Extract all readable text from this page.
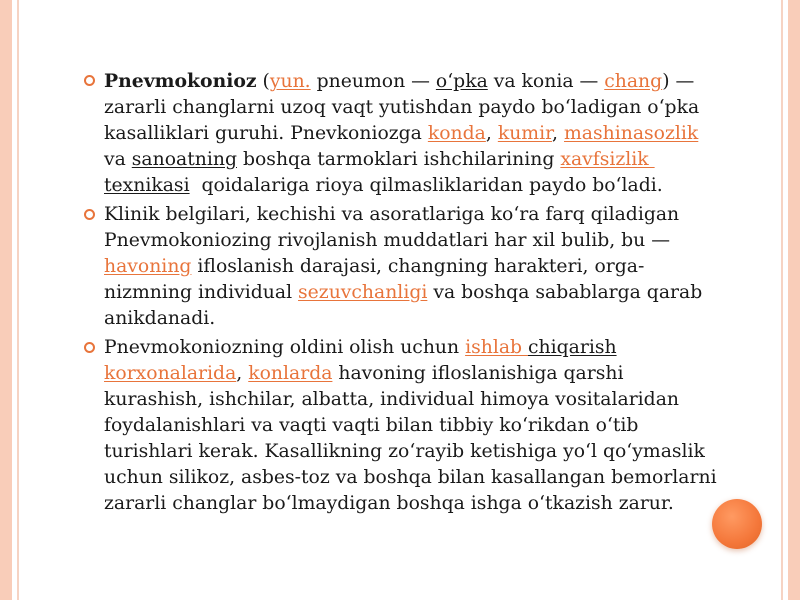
Pnevmokonioz (yun. pneumon — o‘pka va konia — chang) — zararli changlarni uzoq vaqt yutishdan paydo bo‘ladigan o‘pka kasalliklari guruhi. Pnevkoniozga konda, kumir, mashinasozlik va sanoatning boshqa tarmoklari ishchilarining xavfsizlik texnikasi  qoidalariga rioya qilmasliklaridan paydo bo‘ladi.
Klinik belgilari, kechishi va asoratlariga ko‘ra farq qiladigan Pnevmokoniozing rivojlanish muddatlari har xil bulib, bu — havoning ifloslanish darajasi, changning harakteri, orga-nizmning individual sezuvchanligi va boshqa sabablarga qarab anikdanadi.
Pnevmokoniozning oldini olish uchun ishlab chiqarish korxonalarida, konlarda havoning ifloslanishiga qarshi kurashish, ishchilar, albatta, individual himoya vositalaridan foydalanishlari va vaqti vaqti bilan tibbiy ko‘rikdan o‘tib turishlari kerak. Kasallikning zo‘rayib ketishiga yo‘l qo‘ymaslik uchun silikoz, asbes-toz va boshqa bilan kasallangan bemorlarni zararli changlar bo‘lmaydigan boshqa ishga o‘tkazish zarur.
